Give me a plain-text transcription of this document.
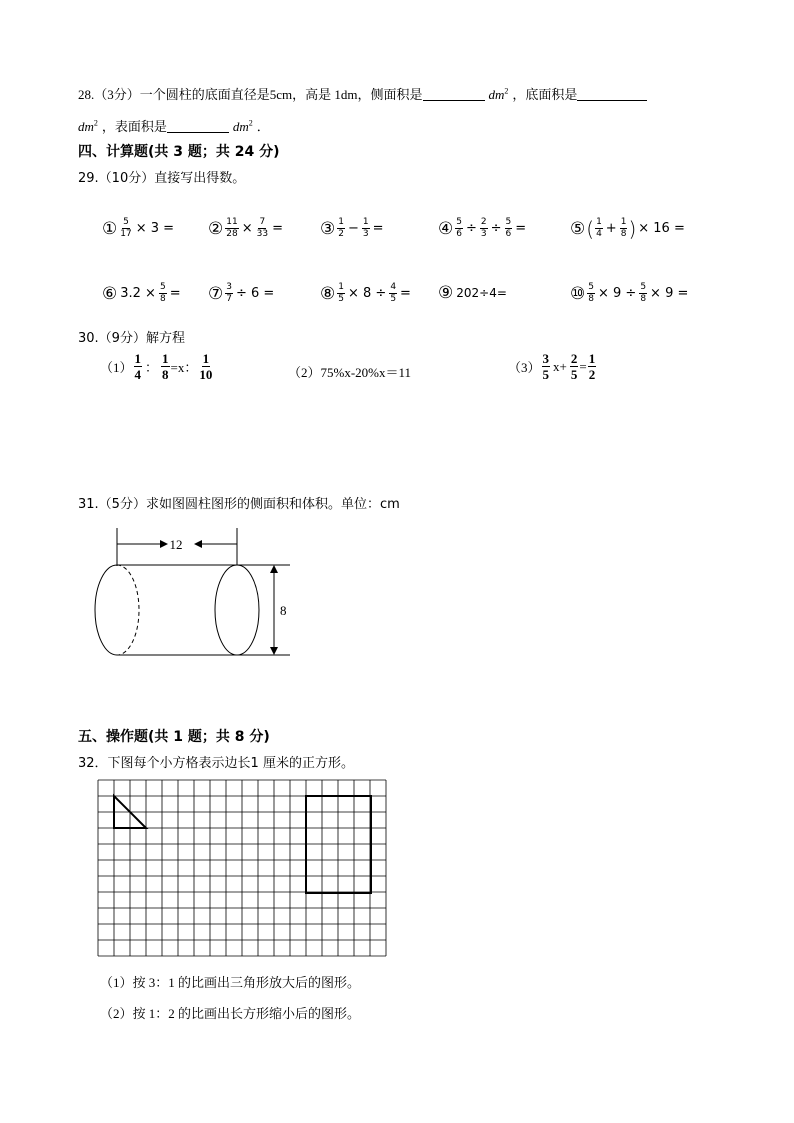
28.（3分）一个圆柱的底面直径是5cm，高是 1dm，侧面积是	$dm^2$ ，底面积是
$dm^2$ ，表面积是	$dm^2$ ．
四、计算题(共 3 题；共 24 分)
29.（10分）直接写出得数。
① $\frac{5}{17} \times 3$ = ② $\frac{11}{28} \times \frac{7}{33}$ = ③ $\frac{1}{2} - \frac{1}{3}$ =	④ $\frac{5}{6} \div \frac{2}{3} \div \frac{5}{6}$ =	⑤ ( $\frac{1}{4} + \frac{1}{8}$ ) × 16 =
⑥ $3.2 \times \frac{5}{8}$ = ⑦ $\frac{3}{7} \div 6$ =	⑧ $\frac{1}{5} \times 8 \div \frac{4}{5}$ = ⑨ 202÷4=	⑩ $\frac{5}{8} \times 9 \div \frac{5}{8} \times 9$ =
30.（9分）解方程
$(1) \frac{1}{4}$ ： $\frac{1}{8} =x$： $\frac{1}{10}$	（2） 75%x-20%x＝11	$(3) \frac{3}{5} x+ \frac{2}{5} = \frac{1}{2}$
31.（5分）求如图圆柱图形的侧面积和体积。单位：cm
12
8
五、操作题(共 1 题；共 8 分)
32．下图每个小方格表示边长1 厘米的正方形。
（1）按 3：1 的比画出三角形放大后的图形。
（2）按 1：2 的比画出长方形缩小后的图形。
